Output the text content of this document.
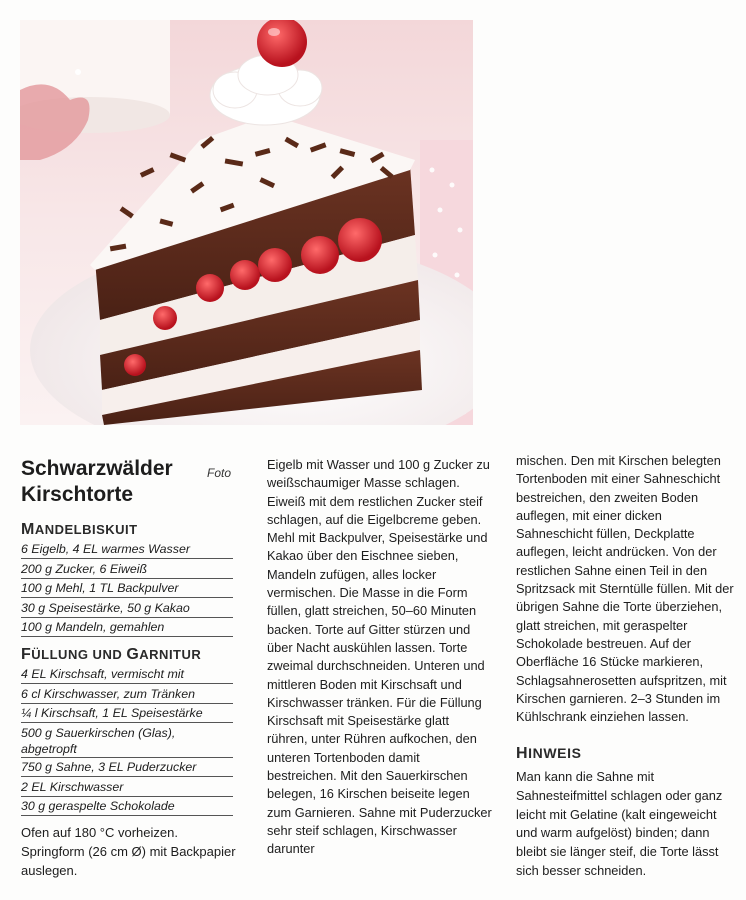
Schwarzwälder
Kirschtorte
Foto
MANDELBISKUIT
6 Eigelb, 4 EL warmes Wasser
200 g Zucker, 6 Eiweiß
100 g Mehl, 1 TL Backpulver
30 g Speisestärke, 50 g Kakao
100 g Mandeln, gemahlen
FÜLLUNG UND GARNITUR
4 EL Kirschsaft, vermischt mit
6 cl Kirschwasser, zum Tränken
¼ l Kirschsaft, 1 EL Speisestärke
500 g Sauerkirschen (Glas), abgetropft
750 g Sahne, 3 EL Puderzucker
2 EL Kirschwasser
30 g geraspelte Schokolade

Ofen auf 180 °C vorheizen. Springform (26 cm Ø) mit Backpapier auslegen.

Eigelb mit Wasser und 100 g Zucker zu weißschaumiger Masse schlagen. Eiweiß mit dem restlichen Zucker steif schlagen, auf die Eigelbcreme geben. Mehl mit Backpulver, Speisestärke und Kakao über den Eischnee sieben, Mandeln zufügen, alles locker vermischen. Die Masse in die Form füllen, glatt streichen, 50–60 Minuten backen. Torte auf Gitter stürzen und über Nacht auskühlen lassen. Torte zweimal durchschneiden. Unteren und mittleren Boden mit Kirschsaft und Kirschwasser tränken. Für die Füllung Kirschsaft mit Speisestärke glatt rühren, unter Rühren aufkochen, den unteren Tortenboden damit bestreichen. Mit den Sauerkirschen belegen, 16 Kirschen beiseite legen zum Garnieren. Sahne mit Puderzucker sehr steif schlagen, Kirschwasser darunter

mischen. Den mit Kirschen belegten Tortenboden mit einer Sahneschicht bestreichen, den zweiten Boden auflegen, mit einer dicken Sahneschicht füllen, Deckplatte auflegen, leicht andrücken. Von der restlichen Sahne einen Teil in den Spritzsack mit Sterntülle füllen. Mit der übrigen Sahne die Torte überziehen, glatt streichen, mit geraspelter Schokolade bestreuen. Auf der Oberfläche 16 Stücke markieren, Schlagsahnerosetten aufspritzen, mit Kirschen garnieren. 2–3 Stunden im Kühlschrank einziehen lassen.

HINWEIS

Man kann die Sahne mit Sahnesteifmittel schlagen oder ganz leicht mit Gelatine (kalt eingeweicht und warm aufgelöst) binden; dann bleibt sie länger steif, die Torte lässt sich besser schneiden.
